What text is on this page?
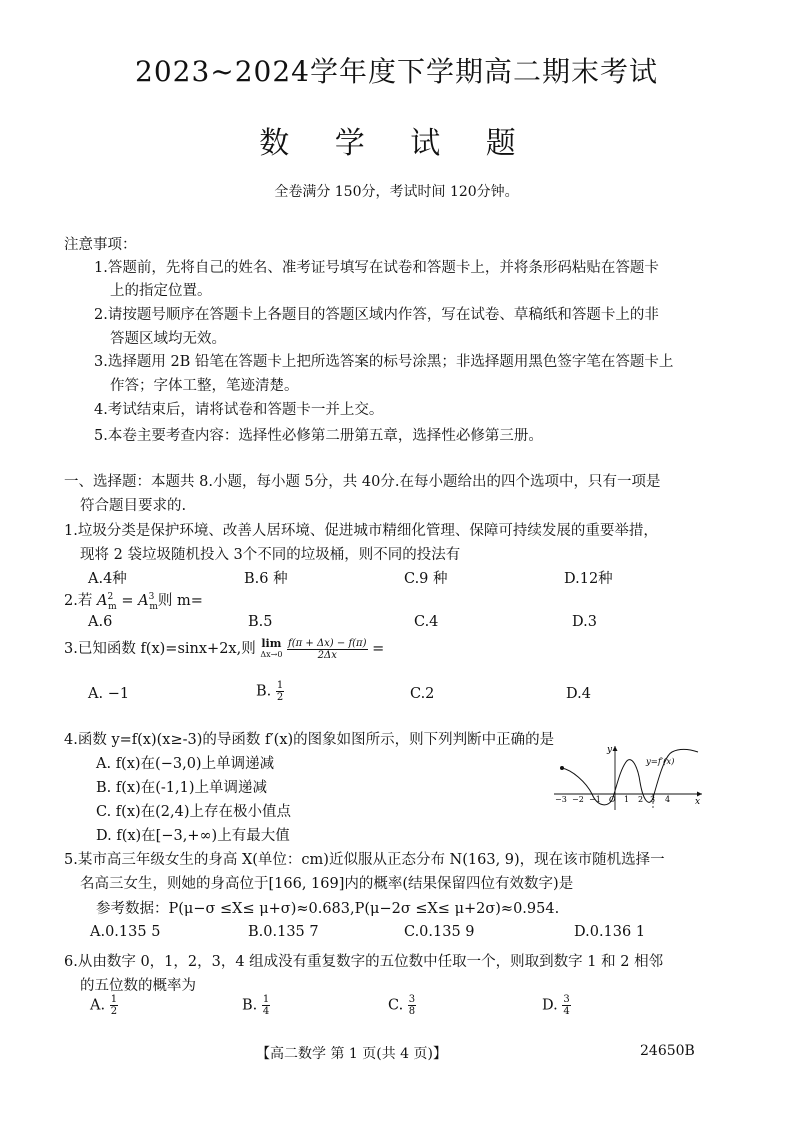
2023~2024学年度下学期高二期末考试
数 学 试 题
全卷满分 150分，考试时间 120分钟。
注意事项：
1.答题前，先将自己的姓名、准考证号填写在试卷和答题卡上，并将条形码粘贴在答题卡
上的指定位置。
2.请按题号顺序在答题卡上各题目的答题区域内作答，写在试卷、草稿纸和答题卡上的非
答题区域均无效。
3.选择题用 2B 铅笔在答题卡上把所选答案的标号涂黑；非选择题用黑色签字笔在答题卡上
作答；字体工整，笔迹清楚。
4.考试结束后，请将试卷和答题卡一并上交。
5.本卷主要考查内容：选择性必修第二册第五章，选择性必修第三册。
一、选择题：本题共 8.小题，每小题 5分，共 40分.在每小题给出的四个选项中，只有一项是
符合题目要求的.
1.垃圾分类是保护环境、改善人居环境、促进城市精细化管理、保障可持续发展的重要举措，
现将 2 袋垃圾随机投入 3个不同的垃圾桶，则不同的投法有
A.4种	B.6 种	C.9 种	D.12种
2.若 $A^2_m = A^3_m$则 m=
A.6	B.5	C.4	D.3
3.已知函数 f(x)=sinx+2x,则 lim
Δx→0
$\frac{f(\pi + \Delta x) - f(\pi)}{2\Delta x}$ =
A. −1	B. $\frac{1}{2}$	C.2	D.4
4.函数 y=f(x)(x≥-3)的导函数 f′(x)的图象如图所示，则下列判断中正确的是
A. f(x)在(−3,0)上单调递减
B. f(x)在(-1,1)上单调递减
C. f(x)在(2,4)上存在极小值点
D. f(x)在[−3,+∞)上有最大值
y
x
y=f′(x)
−3 −2 −1 O 1 2 3 4
5.某市高三年级女生的身高 X(单位：cm)近似服从正态分布 N(163, 9)，现在该市随机选择一
名高三女生，则她的身高位于[166, 169]内的概率(结果保留四位有效数字)是
参考数据：P(μ−σ ≤X≤ μ+σ)≈0.683,P(μ−2σ ≤X≤ μ+2σ)≈0.954.
A.0.135 5	B.0.135 7	C.0.135 9	D.0.136 1
6.从由数字 0，1，2，3，4 组成没有重复数字的五位数中任取一个，则取到数字 1 和 2 相邻
的五位数的概率为
A. $\frac{1}{2}$	B. $\frac{1}{4}$	C. $\frac{3}{8}$	D. $\frac{3}{4}$
【高二数学 第 1 页(共 4 页)】	24650B
